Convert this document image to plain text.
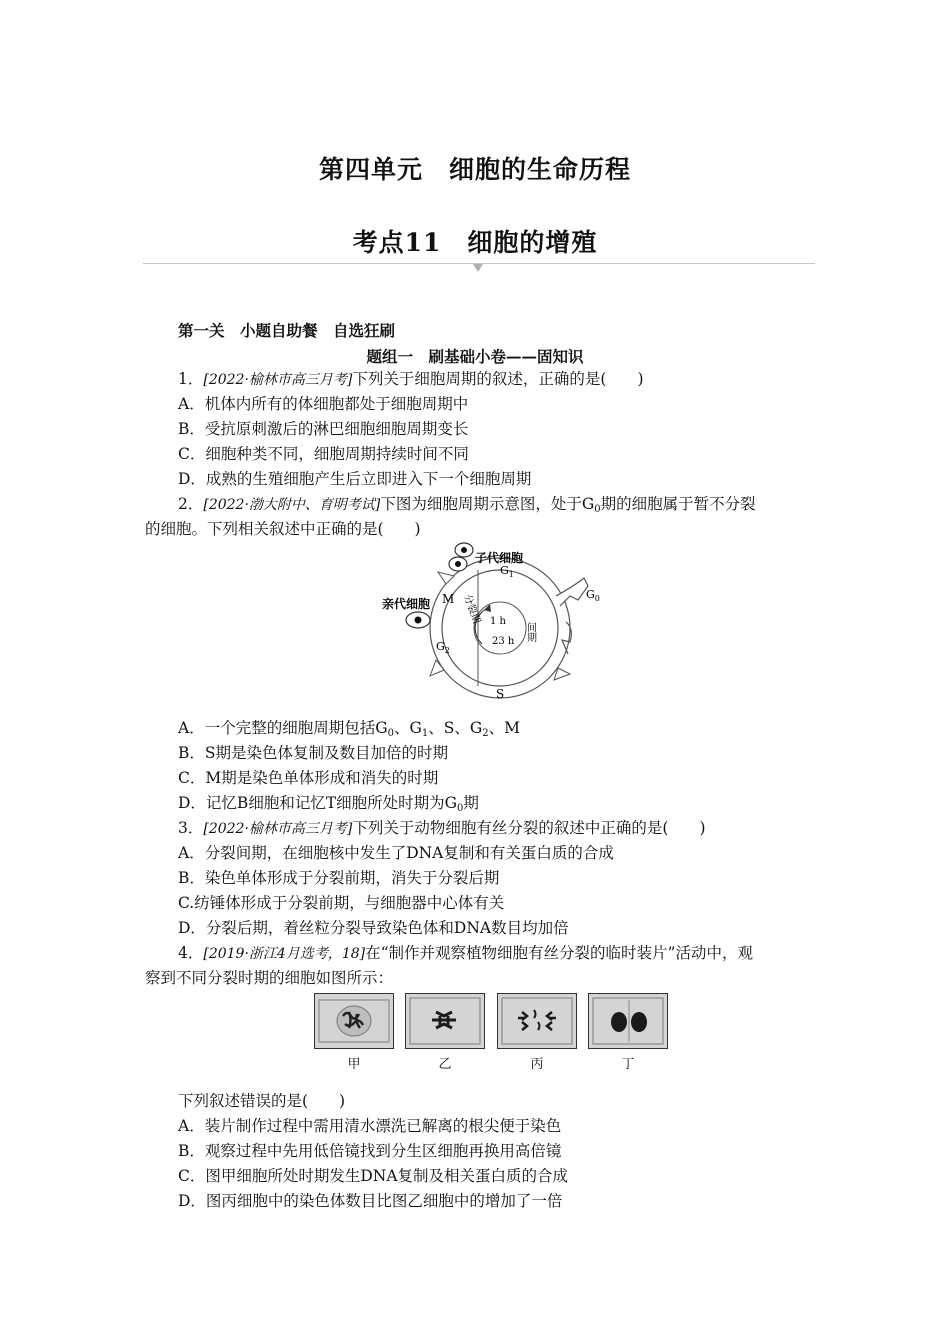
第四单元　细胞的生命历程
考点11　细胞的增殖
第一关　小题自助餐　自选狂刷
题组一　刷基础小卷——固知识
1．[2022·榆林市高三月考]下列关于细胞周期的叙述，正确的是(　　)
A．机体内所有的体细胞都处于细胞周期中
B．受抗原刺激后的淋巴细胞细胞周期变长
C．细胞种类不同，细胞周期持续时间不同
D．成熟的生殖细胞产生后立即进入下一个细胞周期
2．[2022·渤大附中、育明考试]下图为细胞周期示意图，处于$G_0$期的细胞属于暂不分裂
的细胞。下列相关叙述中正确的是(　　)
子代细胞
亲代细胞
$G_1$
$G_0$
$G_2$
M
S
分裂期
间期
1 h
23 h
A．一个完整的细胞周期包括$G_0$、$G_1$、S、$G_2$、M
B．S期是染色体复制及数目加倍的时期
C．M期是染色单体形成和消失的时期
D．记忆B细胞和记忆T细胞所处时期为$G_0$期
3．[2022·榆林市高三月考]下列关于动物细胞有丝分裂的叙述中正确的是(　　)
A．分裂间期，在细胞核中发生了DNA复制和有关蛋白质的合成
B．染色单体形成于分裂前期，消失于分裂后期
C.纺锤体形成于分裂前期，与细胞器中心体有关
D．分裂后期，着丝粒分裂导致染色体和DNA数目均加倍
4．[2019·浙江4月选考，18]在“制作并观察植物细胞有丝分裂的临时装片”活动中，观
察到不同分裂时期的细胞如图所示：
甲	乙	丙	丁
下列叙述错误的是(　　)
A．装片制作过程中需用清水漂洗已解离的根尖便于染色
B．观察过程中先用低倍镜找到分生区细胞再换用高倍镜
C．图甲细胞所处时期发生DNA复制及相关蛋白质的合成
D．图丙细胞中的染色体数目比图乙细胞中的增加了一倍
